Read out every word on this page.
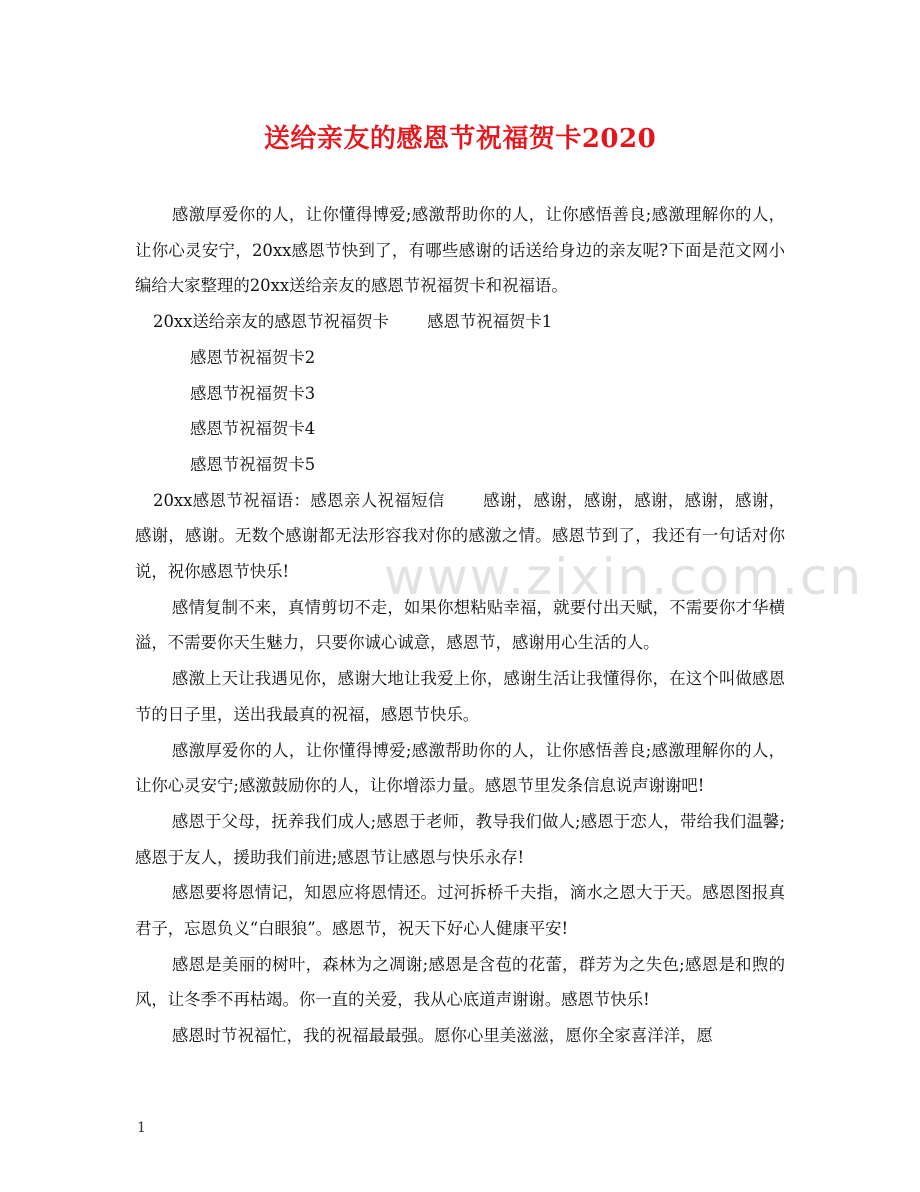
送给亲友的感恩节祝福贺卡2020

感激厚爱你的人，让你懂得博爱;感激帮助你的人，让你感悟善良;感激理解你的人，让你心灵安宁，20xx感恩节快到了，有哪些感谢的话送给身边的亲友呢?下面是范文网小编给大家整理的20xx送给亲友的感恩节祝福贺卡和祝福语。

20xx送给亲友的感恩节祝福贺卡 感恩节祝福贺卡1

感恩节祝福贺卡2

感恩节祝福贺卡3

感恩节祝福贺卡4

感恩节祝福贺卡5

20xx感恩节祝福语：感恩亲人祝福短信 感谢，感谢，感谢，感谢，感谢，感谢，感谢，感谢。无数个感谢都无法形容我对你的感激之情。感恩节到了，我还有一句话对你说，祝你感恩节快乐!

感情复制不来，真情剪切不走，如果你想粘贴幸福，就要付出天赋，不需要你才华横溢，不需要你天生魅力，只要你诚心诚意，感恩节，感谢用心生活的人。

感激上天让我遇见你，感谢大地让我爱上你，感谢生活让我懂得你，在这个叫做感恩节的日子里，送出我最真的祝福，感恩节快乐。

感激厚爱你的人，让你懂得博爱;感激帮助你的人，让你感悟善良;感激理解你的人，让你心灵安宁;感激鼓励你的人，让你增添力量。感恩节里发条信息说声谢谢吧!

感恩于父母，抚养我们成人;感恩于老师，教导我们做人;感恩于恋人，带给我们温馨;感恩于友人，援助我们前进;感恩节让感恩与快乐永存!

感恩要将恩情记，知恩应将恩情还。过河拆桥千夫指，滴水之恩大于天。感恩图报真君子，忘恩负义“白眼狼”。感恩节，祝天下好心人健康平安!

感恩是美丽的树叶，森林为之凋谢;感恩是含苞的花蕾，群芳为之失色;感恩是和煦的风，让冬季不再枯竭。你一直的关爱，我从心底道声谢谢。感恩节快乐!

感恩时节祝福忙，我的祝福最最强。愿你心里美滋滋，愿你全家喜洋洋，愿

www.zixin.com.cn
1
